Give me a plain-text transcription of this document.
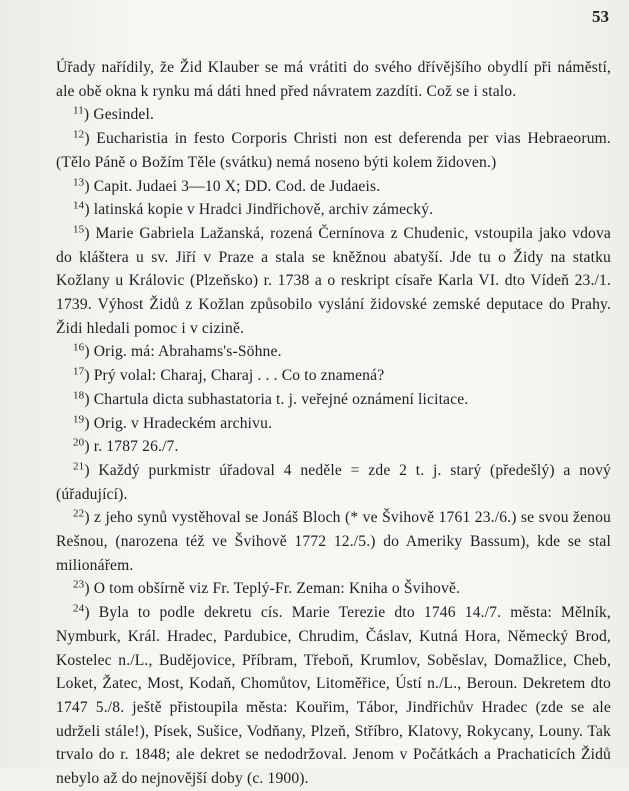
53

Úřady nařídily, že Žid Klauber se má vrátiti do svého dřívějšího obydlí při náměstí, ale obě okna k rynku má dáti hned před návratem zazdíti. Což se i stalo.

$^{11}$) Gesindel.

$^{12}$) Eucharistia in festo Corporis Christi non est deferenda per vias Hebraeorum. (Tělo Páně o Božím Těle (svátku) nemá noseno býti kolem židoven.)

$^{13}$) Capit. Judaei 3—10 X; DD. Cod. de Judaeis.

$^{14}$) latinská kopie v Hradci Jindřichově, archiv zámecký.

$^{15}$) Marie Gabriela Lažanská, rozená Černínova z Chudenic, vstoupila jako vdova do kláštera u sv. Jiří v Praze a stala se kněžnou abatyší. Jde tu o Židy na statku Kožlany u Královic (Plzeňsko) r. 1738 a o reskript císaře Karla VI. dto Vídeň 23./1. 1739. Výhost Židů z Kožlan způsobilo vyslání židovské zemské deputace do Prahy. Židi hledali pomoc i v cizině.

$^{16}$) Orig. má: Abrahams's-Söhne.

$^{17}$) Prý volal: Charaj, Charaj . . . Co to znamená?

$^{18}$) Chartula dicta subhastatoria t. j. veřejné oznámení licitace.

$^{19}$) Orig. v Hradeckém archivu.

$^{20}$) r. 1787 26./7.

$^{21}$) Každý purkmistr úřadoval 4 neděle = zde 2 t. j. starý (předešlý) a nový (úřadující).

$^{22}$) z jeho synů vystěhoval se Jonáš Bloch (* ve Švihově 1761 23./6.) se svou ženou Rešnou, (narozena též ve Švihově 1772 12./5.) do Ameriky Bassum), kde se stal milionářem.

$^{23}$) O tom obšírně viz Fr. Teplý-Fr. Zeman: Kniha o Švihově.

$^{24}$) Byla to podle dekretu cís. Marie Terezie dto 1746 14./7. města: Mělník, Nymburk, Král. Hradec, Pardubice, Chrudim, Čáslav, Kutná Hora, Německý Brod, Kostelec n./L., Budějovice, Příbram, Třeboň, Krumlov, Soběslav, Domažlice, Cheb, Loket, Žatec, Most, Kodaň, Chomůtov, Litoměřice, Ústí n./L., Beroun. Dekretem dto 1747 5./8. ještě přistoupila města: Kouřim, Tábor, Jindřichův Hradec (zde se ale udrželi stále!), Písek, Sušice, Vodňany, Plzeň, Stříbro, Klatovy, Rokycany, Louny. Tak trvalo do r. 1848; ale dekret se nedodržoval. Jenom v Počátkách a Prachaticích Židů nebylo až do nejnovější doby (c. 1900).
